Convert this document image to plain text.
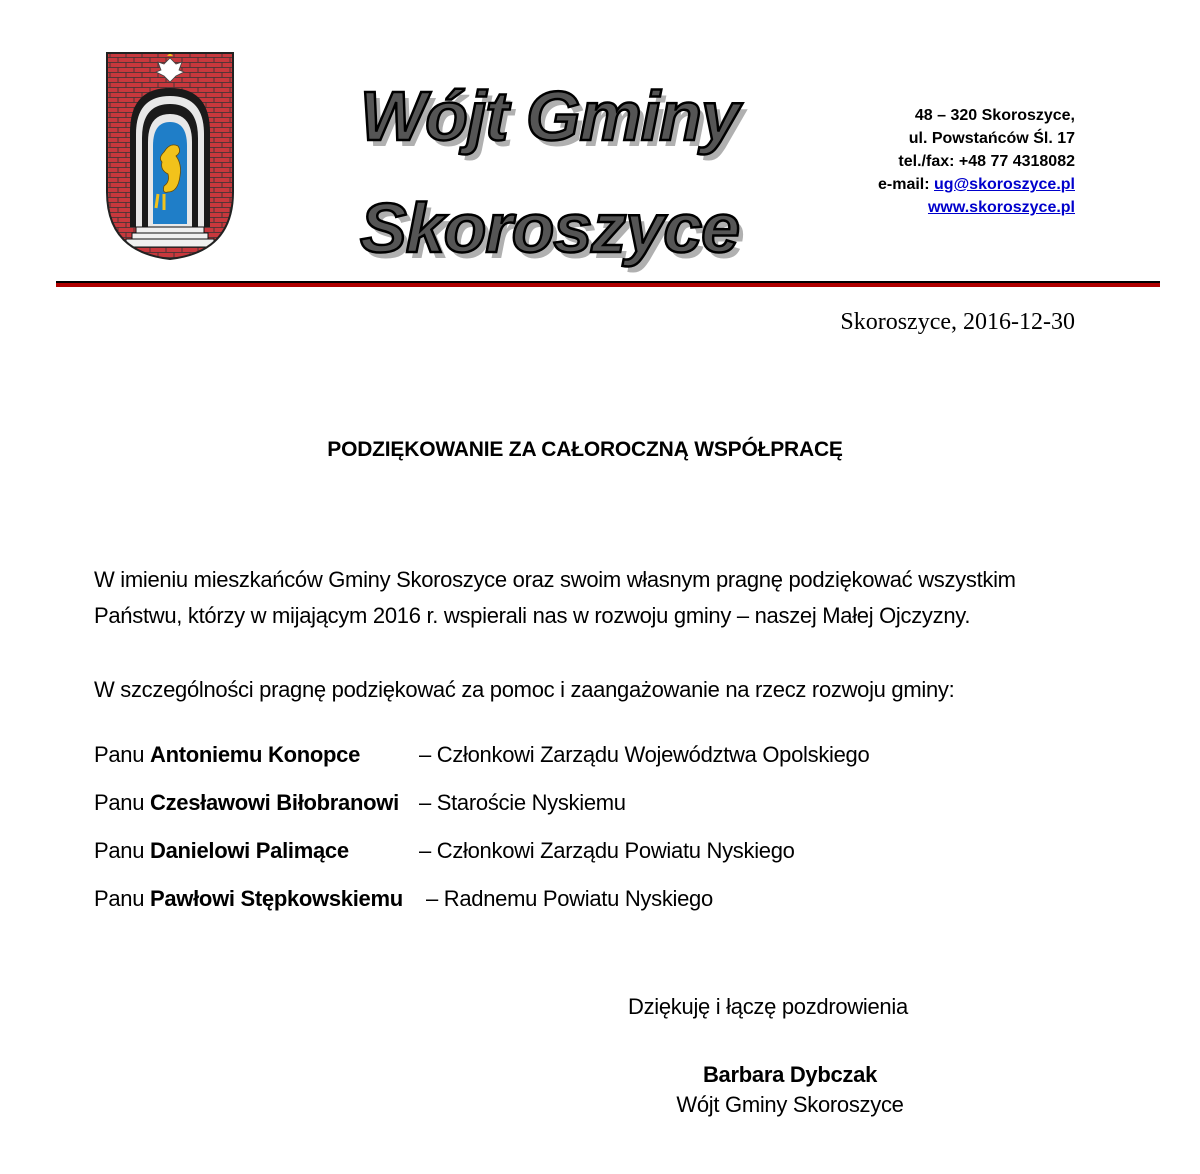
Wójt Gminy
Skoroszyce
48 – 320 Skoroszyce,
ul. Powstańców Śl. 17
tel./fax: +48 77 4318082
e-mail: ug@skoroszyce.pl
www.skoroszyce.pl
Skoroszyce, 2016-12-30
PODZIĘKOWANIE ZA CAŁOROCZNĄ WSPÓŁPRACĘ
W imieniu mieszkańców Gminy Skoroszyce oraz swoim własnym pragnę podziękować wszystkim
Państwu, którzy w mijającym 2016 r. wspierali nas w rozwoju gminy – naszej Małej Ojczyzny.
W szczególności pragnę podziękować za pomoc i zaangażowanie na rzecz rozwoju gminy:
Panu Antoniemu Konopce	– Członkowi Zarządu Województwa Opolskiego
Panu Czesławowi Biłobranowi – Staroście Nyskiemu
Panu Danielowi Palimące	– Członkowi Zarządu Powiatu Nyskiego
Panu Pawłowi Stępkowskiemu – Radnemu Powiatu Nyskiego
Dziękuję i łączę pozdrowienia
Barbara Dybczak
Wójt Gminy Skoroszyce
